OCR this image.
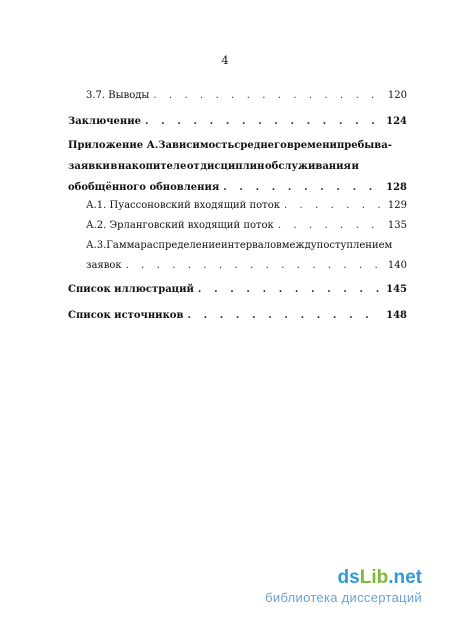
4
3.7. Выводы . . .	120
Заключение . . .	124
Приложение А. Зависимость среднего времени пребыва-
заявки в накопителе от дисциплин обслуживания и
обобщённого обновления . . .	128
А.1. Пуассоновский входящий поток . . .	129
А.2. Эрланговский входящий поток . . .	135
А.3. Гамма распределение интервалов между поступлением
заявок . . .	140
Список иллюстраций . . .	145
Список источников . . .	148
dsLib.net
библиотека диссертаций
